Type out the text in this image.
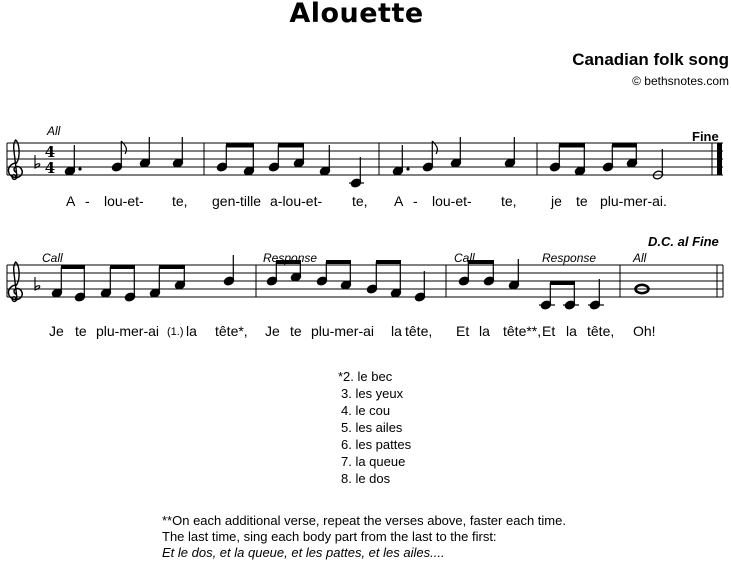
Alouette
Canadian folk song
© bethsnotes.com
4
4
All	Fine
Call	Response	Call	Response	All
D.C. al Fine
A - lou-et- te, gen-tille a-lou-et- te, A - lou-et- te, je te plu-mer-ai.
Je te plu-mer-ai (1.) la tête*, Je te plu-mer-ai la tête, Et la tête**, Et la tête, Oh!
*2. le bec
3. les yeux
4. le cou
5. les ailes
6. les pattes
7. la queue
8. le dos
**On each additional verse, repeat the verses above, faster each time.
The last time, sing each body part from the last to the first:
Et le dos, et la queue, et les pattes, et les ailes....
